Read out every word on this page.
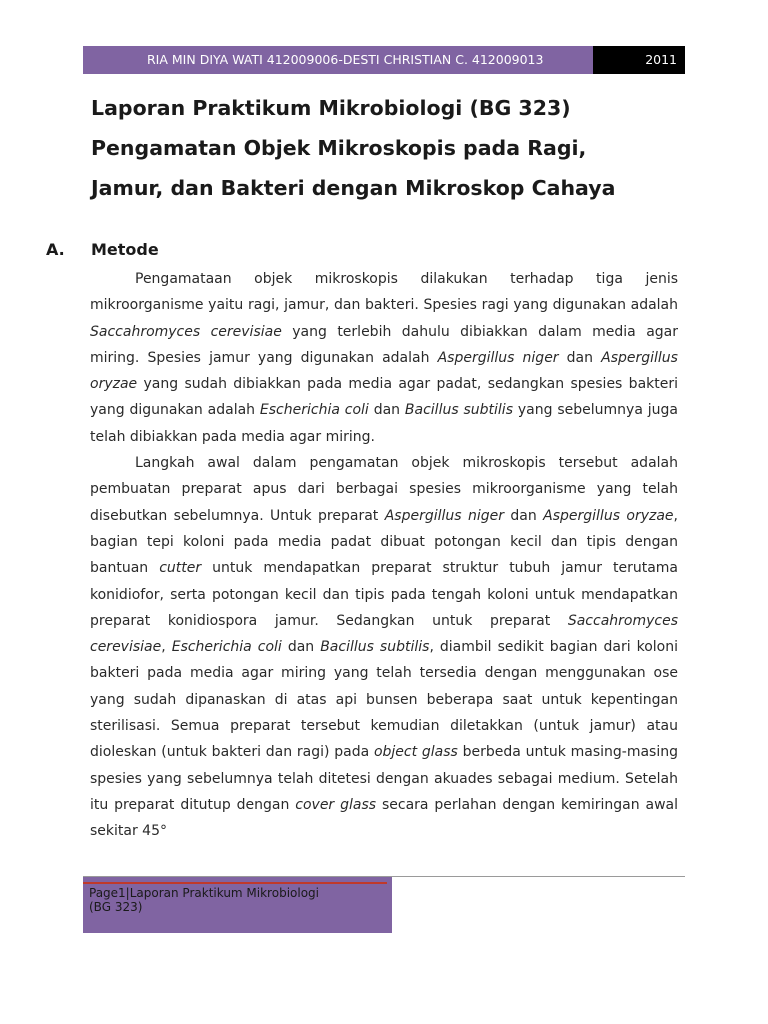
RIA MIN DIYA WATI 412009006-DESTI CHRISTIAN C. 412009013	2011
Laporan Praktikum Mikrobiologi (BG 323)
Pengamatan Objek Mikroskopis pada Ragi,
Jamur, dan Bakteri dengan Mikroskop Cahaya
A. Metode

Pengamataan objek mikroskopis dilakukan terhadap tiga jenis mikroorganisme yaitu ragi, jamur, dan bakteri. Spesies ragi yang digunakan adalah Saccahromyces cerevisiae yang terlebih dahulu dibiakkan dalam media agar miring. Spesies jamur yang digunakan adalah Aspergillus niger dan Aspergillus oryzae yang sudah dibiakkan pada media agar padat, sedangkan spesies bakteri yang digunakan adalah Escherichia coli dan Bacillus subtilis yang sebelumnya juga telah dibiakkan pada media agar miring.

Langkah awal dalam pengamatan objek mikroskopis tersebut adalah pembuatan preparat apus dari berbagai spesies mikroorganisme yang telah disebutkan sebelumnya. Untuk preparat Aspergillus niger dan Aspergillus oryzae, bagian tepi koloni pada media padat dibuat potongan kecil dan tipis dengan bantuan cutter untuk mendapatkan preparat struktur tubuh jamur terutama konidiofor, serta potongan kecil dan tipis pada tengah koloni untuk mendapatkan preparat konidiospora jamur. Sedangkan untuk preparat Saccahromyces cerevisiae, Escherichia coli dan Bacillus subtilis, diambil sedikit bagian dari koloni bakteri pada media agar miring yang telah tersedia dengan menggunakan ose yang sudah dipanaskan di atas api bunsen beberapa saat untuk kepentingan sterilisasi. Semua preparat tersebut kemudian diletakkan (untuk jamur) atau dioleskan (untuk bakteri dan ragi) pada object glass berbeda untuk masing-masing spesies yang sebelumnya telah ditetesi dengan akuades sebagai medium. Setelah itu preparat ditutup dengan cover glass secara perlahan dengan kemiringan awal sekitar 45°

Page1|Laporan Praktikum Mikrobiologi
(BG 323)
